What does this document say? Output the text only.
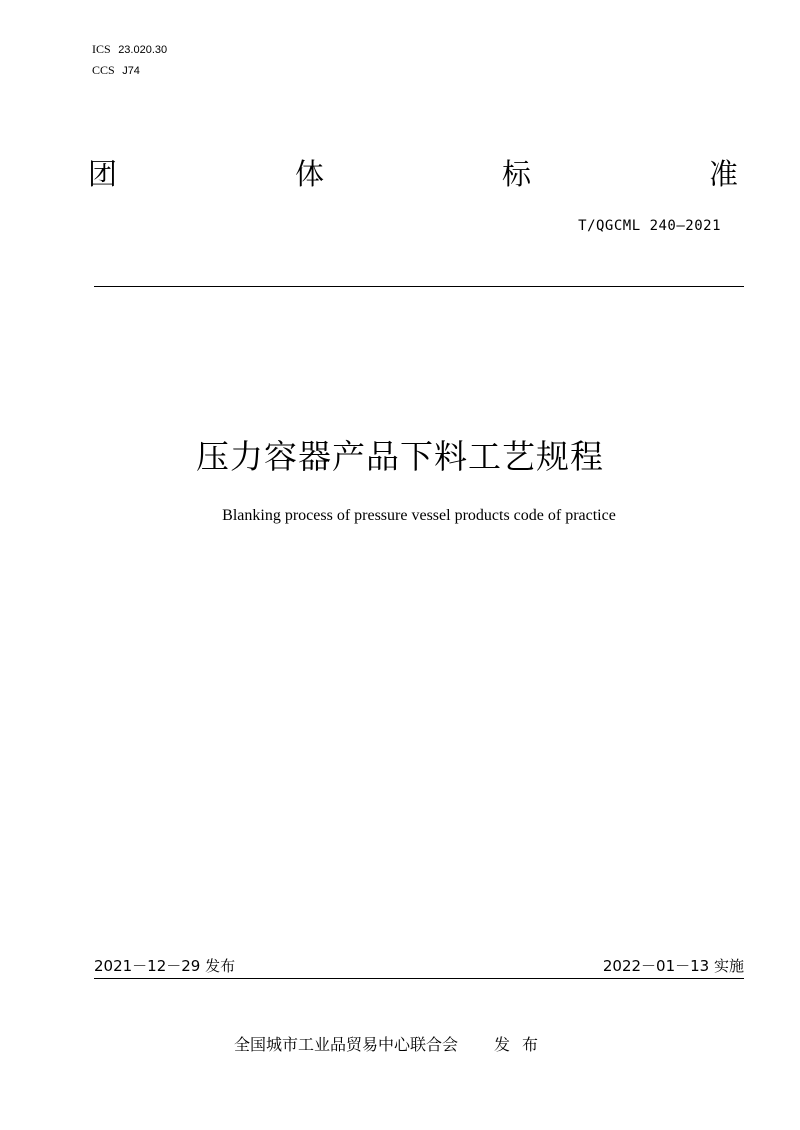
ICS 23.020.30
CCS J74
团	体	标	准
T/QGCML 240—2021
压力容器产品下料工艺规程
Blanking process of pressure vessel products code of practice
2021－12－29 发布	2022－01－13 实施
全国城市工业品贸易中心联合会 发布
